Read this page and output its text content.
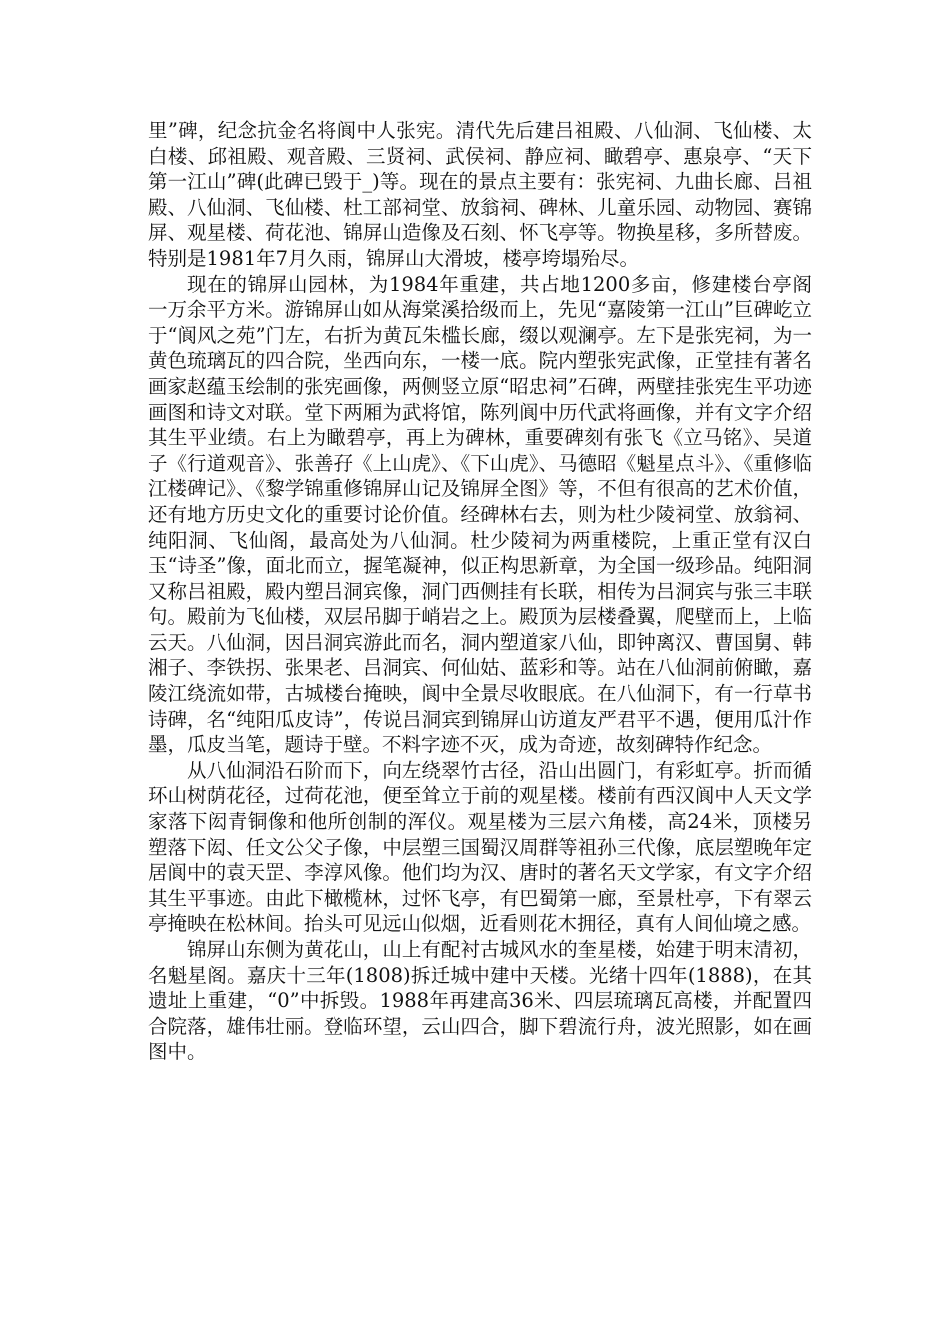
里”碑，纪念抗金名将阆中人张宪。清代先后建吕祖殿、八仙洞、飞仙楼、太白楼、邱祖殿、观音殿、三贤祠、武侯祠、静应祠、瞰碧亭、惠泉亭、“天下第一江山”碑(此碑已毁于_)等。现在的景点主要有：张宪祠、九曲长廊、吕祖殿、八仙洞、飞仙楼、杜工部祠堂、放翁祠、碑林、儿童乐园、动物园、赛锦屏、观星楼、荷花池、锦屏山造像及石刻、怀飞亭等。物换星移，多所替废。特别是1981年7月久雨，锦屏山大滑坡，楼亭垮塌殆尽。

现在的锦屏山园林，为1984年重建，共占地1200多亩，修建楼台亭阁一万余平方米。游锦屏山如从海棠溪拾级而上，先见“嘉陵第一江山”巨碑屹立于“阆风之苑”门左，右折为黄瓦朱槛长廊，缀以观澜亭。左下是张宪祠，为一黄色琉璃瓦的四合院，坐西向东，一楼一底。院内塑张宪武像，正堂挂有著名画家赵蕴玉绘制的张宪画像，两侧竖立原“昭忠祠”石碑，两壁挂张宪生平功迹画图和诗文对联。堂下两厢为武将馆，陈列阆中历代武将画像，并有文字介绍其生平业绩。右上为瞰碧亭，再上为碑林，重要碑刻有张飞《立马铭》、吴道子《行道观音》、张善孖《上山虎》、《下山虎》、马德昭《魁星点斗》、《重修临江楼碑记》、《黎学锦重修锦屏山记及锦屏全图》等，不但有很高的艺术价值，还有地方历史文化的重要讨论价值。经碑林右去，则为杜少陵祠堂、放翁祠、纯阳洞、飞仙阁，最高处为八仙洞。杜少陵祠为两重楼院，上重正堂有汉白玉“诗圣”像，面北而立，握笔凝神，似正构思新章，为全国一级珍品。纯阳洞又称吕祖殿，殿内塑吕洞宾像，洞门西侧挂有长联，相传为吕洞宾与张三丰联句。殿前为飞仙楼，双层吊脚于峭岩之上。殿顶为层楼叠翼，爬壁而上，上临云天。八仙洞，因吕洞宾游此而名，洞内塑道家八仙，即钟离汉、曹国舅、韩湘子、李铁拐、张果老、吕洞宾、何仙姑、蓝彩和等。站在八仙洞前俯瞰，嘉陵江绕流如带，古城楼台掩映，阆中全景尽收眼底。在八仙洞下，有一行草书诗碑，名“纯阳瓜皮诗”，传说吕洞宾到锦屏山访道友严君平不遇，便用瓜汁作墨，瓜皮当笔，题诗于壁。不料字迹不灭，成为奇迹，故刻碑特作纪念。

从八仙洞沿石阶而下，向左绕翠竹古径，沿山出圆门，有彩虹亭。折而循环山树荫花径，过荷花池，便至耸立于前的观星楼。楼前有西汉阆中人天文学家落下闳青铜像和他所创制的浑仪。观星楼为三层六角楼，高24米，顶楼另塑落下闳、任文公父子像，中层塑三国蜀汉周群等祖孙三代像，底层塑晚年定居阆中的袁天罡、李淳风像。他们均为汉、唐时的著名天文学家，有文字介绍其生平事迹。由此下橄榄林，过怀飞亭，有巴蜀第一廊，至景杜亭，下有翠云亭掩映在松林间。抬头可见远山似烟，近看则花木拥径，真有人间仙境之感。

锦屏山东侧为黄花山，山上有配衬古城风水的奎星楼，始建于明末清初，名魁星阁。嘉庆十三年(1808)拆迁城中建中天楼。光绪十四年(1888)，在其遗址上重建，“0”中拆毁。1988年再建高36米、四层琉璃瓦高楼，并配置四合院落，雄伟壮丽。登临环望，云山四合，脚下碧流行舟，波光照影，如在画图中。
